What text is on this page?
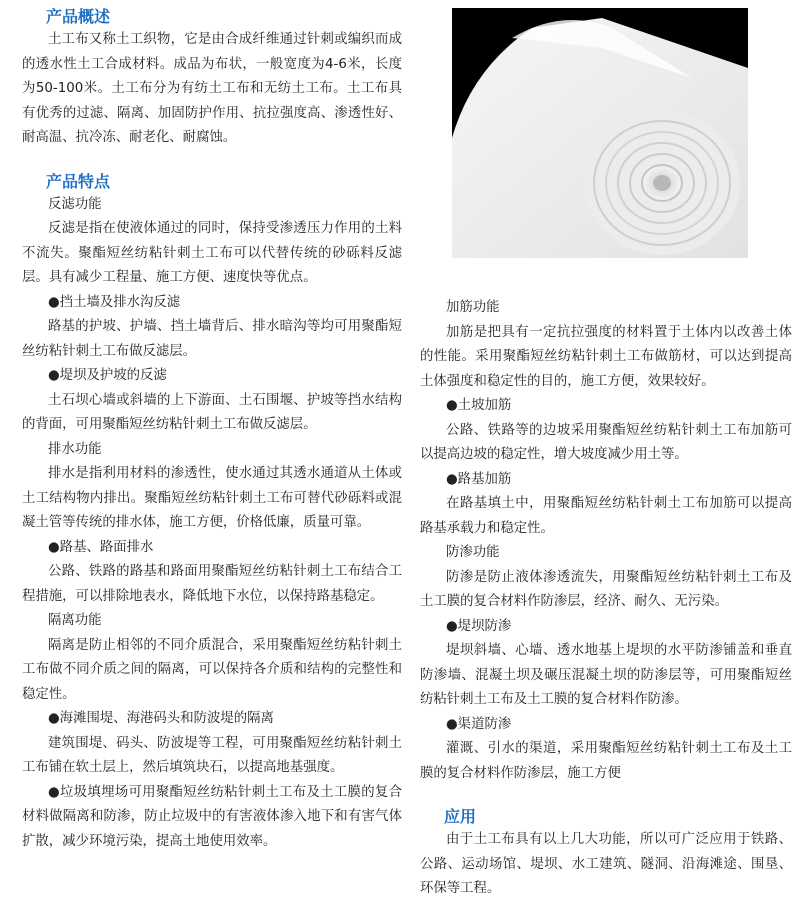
产品概述

土工布又称土工织物，它是由合成纤维通过针刺或编织而成的透水性土工合成材料。成品为布状，一般宽度为4-6米，长度为50-100米。土工布分为有纺土工布和无纺土工布。土工布具有优秀的过滤、隔离、加固防护作用、抗拉强度高、渗透性好、耐高温、抗冷冻、耐老化、耐腐蚀。

产品特点

反滤功能

反滤是指在使液体通过的同时，保持受渗透压力作用的土料不流失。聚酯短丝纺粘针刺土工布可以代替传统的砂砾料反滤层。具有减少工程量、施工方便、速度快等优点。

●挡土墙及排水沟反滤

路基的护坡、护墙、挡土墙背后、排水暗沟等均可用聚酯短丝纺粘针刺土工布做反滤层。

●堤坝及护坡的反滤

土石坝心墙或斜墙的上下游面、土石围堰、护坡等挡水结构的背面，可用聚酯短丝纺粘针刺土工布做反滤层。

排水功能

排水是指利用材料的渗透性，使水通过其透水通道从土体或土工结构物内排出。聚酯短丝纺粘针刺土工布可替代砂砾料或混凝土管等传统的排水体，施工方便，价格低廉，质量可靠。

●路基、路面排水

公路、铁路的路基和路面用聚酯短丝纺粘针刺土工布结合工程措施，可以排除地表水，降低地下水位，以保持路基稳定。

隔离功能

隔离是防止相邻的不同介质混合，采用聚酯短丝纺粘针刺土工布做不同介质之间的隔离，可以保持各介质和结构的完整性和稳定性。

●海滩围堤、海港码头和防波堤的隔离

建筑围堤、码头、防波堤等工程，可用聚酯短丝纺粘针刺土工布铺在软土层上，然后填筑块石，以提高地基强度。

●垃圾填埋场可用聚酯短丝纺粘针刺土工布及土工膜的复合材料做隔离和防渗，防止垃圾中的有害液体渗入地下和有害气体扩散，减少环境污染，提高土地使用效率。

加筋功能

加筋是把具有一定抗拉强度的材料置于土体内以改善土体的性能。采用聚酯短丝纺粘针刺土工布做筋材，可以达到提高土体强度和稳定性的目的，施工方便，效果较好。

●土坡加筋

公路、铁路等的边坡采用聚酯短丝纺粘针刺土工布加筋可以提高边坡的稳定性，增大坡度减少用土等。

●路基加筋

在路基填土中，用聚酯短丝纺粘针刺土工布加筋可以提高路基承载力和稳定性。

防渗功能

防渗是防止液体渗透流失，用聚酯短丝纺粘针刺土工布及土工膜的复合材料作防渗层，经济、耐久、无污染。

●堤坝防渗

堤坝斜墙、心墙、透水地基上堤坝的水平防渗铺盖和垂直防渗墙、混凝土坝及碾压混凝土坝的防渗层等，可用聚酯短丝纺粘针刺土工布及土工膜的复合材料作防渗。

●渠道防渗

灌溉、引水的渠道，采用聚酯短丝纺粘针刺土工布及土工膜的复合材料作防渗层，施工方便

应用

由于土工布具有以上几大功能，所以可广泛应用于铁路、公路、运动场馆、堤坝、水工建筑、隧洞、沿海滩途、围垦、环保等工程。
